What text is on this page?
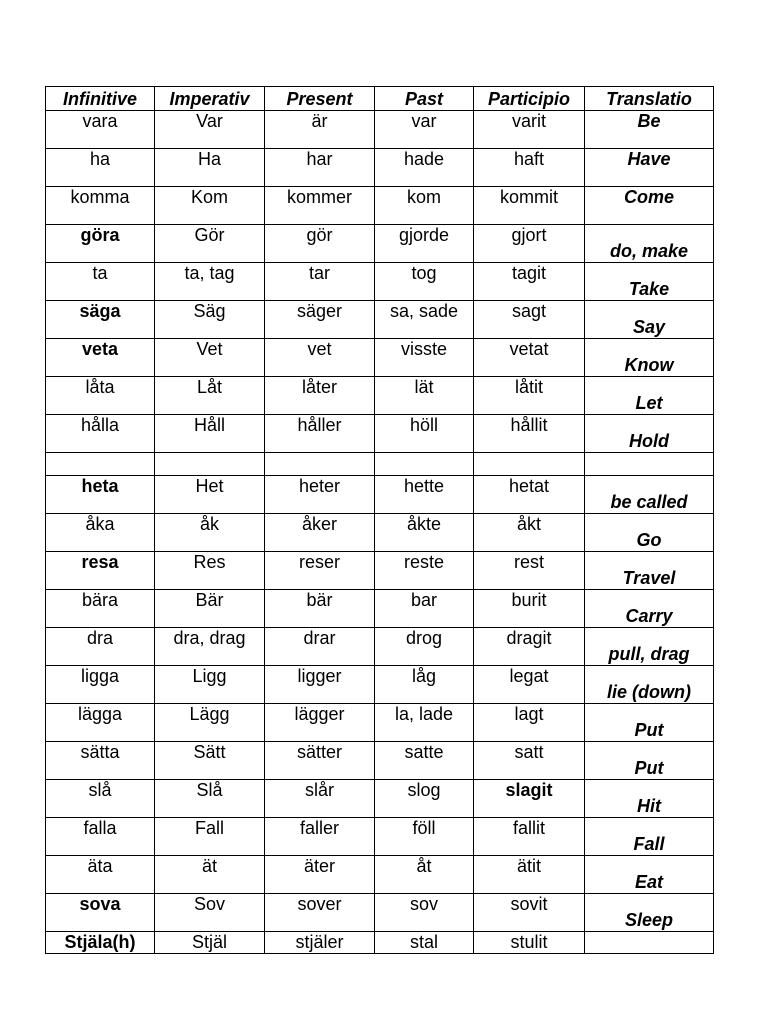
Infinitive	Imperativ	Present	Past	Participio	Translatio

vara	Var	är	var	varit	Be

ha	Ha	har	hade	haft	Have

komma	Kom	kommer	kom	kommit	Come

göra	Gör	gör	gjorde	gjort	do, make

ta	ta, tag	tar	tog	tagit	Take

säga	Säg	säger	sa, sade	sagt	Say

veta	Vet	vet	visste	vetat	Know

låta	Låt	låter	lät	låtit	Let

hålla	Håll	håller	höll	hållit	Hold

heta	Het	heter	hette	hetat	be called

åka	åk	åker	åkte	åkt	Go

resa	Res	reser	reste	rest	Travel

bära	Bär	bär	bar	burit	Carry

dra	dra, drag	drar	drog	dragit	pull, drag

ligga	Ligg	ligger	låg	legat	lie (down)

lägga	Lägg	lägger	la, lade	lagt	Put

sätta	Sätt	sätter	satte	satt	Put

slå	Slå	slår	slog	slagit	Hit

falla	Fall	faller	föll	fallit	Fall

äta	ät	äter	åt	ätit	Eat

sova	Sov	sover	sov	sovit	Sleep

Stjäla(h)	Stjäl	stjäler	stal	stulit	
